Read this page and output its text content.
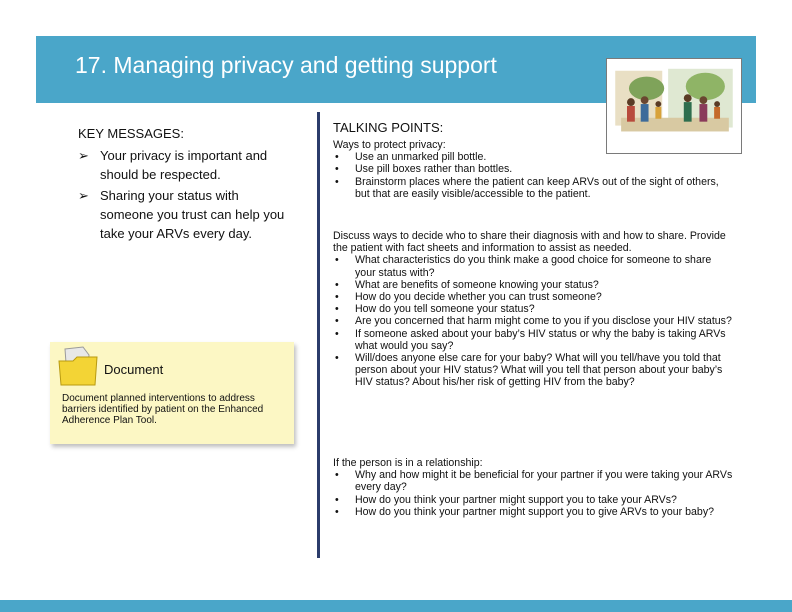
17. Managing privacy and getting support
KEY MESSAGES:
➢ Your privacy is important and should be respected.
➢ Sharing your status with someone you trust can help you take your ARVs every day.
Document
Document planned interventions to address barriers identified by patient on the Enhanced Adherence Plan Tool.
TALKING POINTS:

Ways to protect privacy:

• Use an unmarked pill bottle.
• Use pill boxes rather than bottles.
• Brainstorm places where the patient can keep ARVs out of the sight of others, but that are easily visible/accessible to the patient.

Discuss ways to decide who to share their diagnosis with and how to share. Provide the patient with fact sheets and information to assist as needed.

• What characteristics do you think make a good choice for someone to share your status with?
• What are benefits of someone knowing your status?
• How do you decide whether you can trust someone?
• How do you tell someone your status?
• Are you concerned that harm might come to you if you disclose your HIV status?
• If someone asked about your baby’s HIV status or why the baby is taking ARVs what would you say?
• Will/does anyone else care for your baby? What will you tell/have you told that person about your HIV status? What will you tell that person about your baby’s HIV status? About his/her risk of getting HIV from the baby?

If the person is in a relationship:

• Why and how might it be beneficial for your partner if you were taking your ARVs every day?
• How do you think your partner might support you to take your ARVs?
• How do you think your partner might support you to give ARVs to your baby?
